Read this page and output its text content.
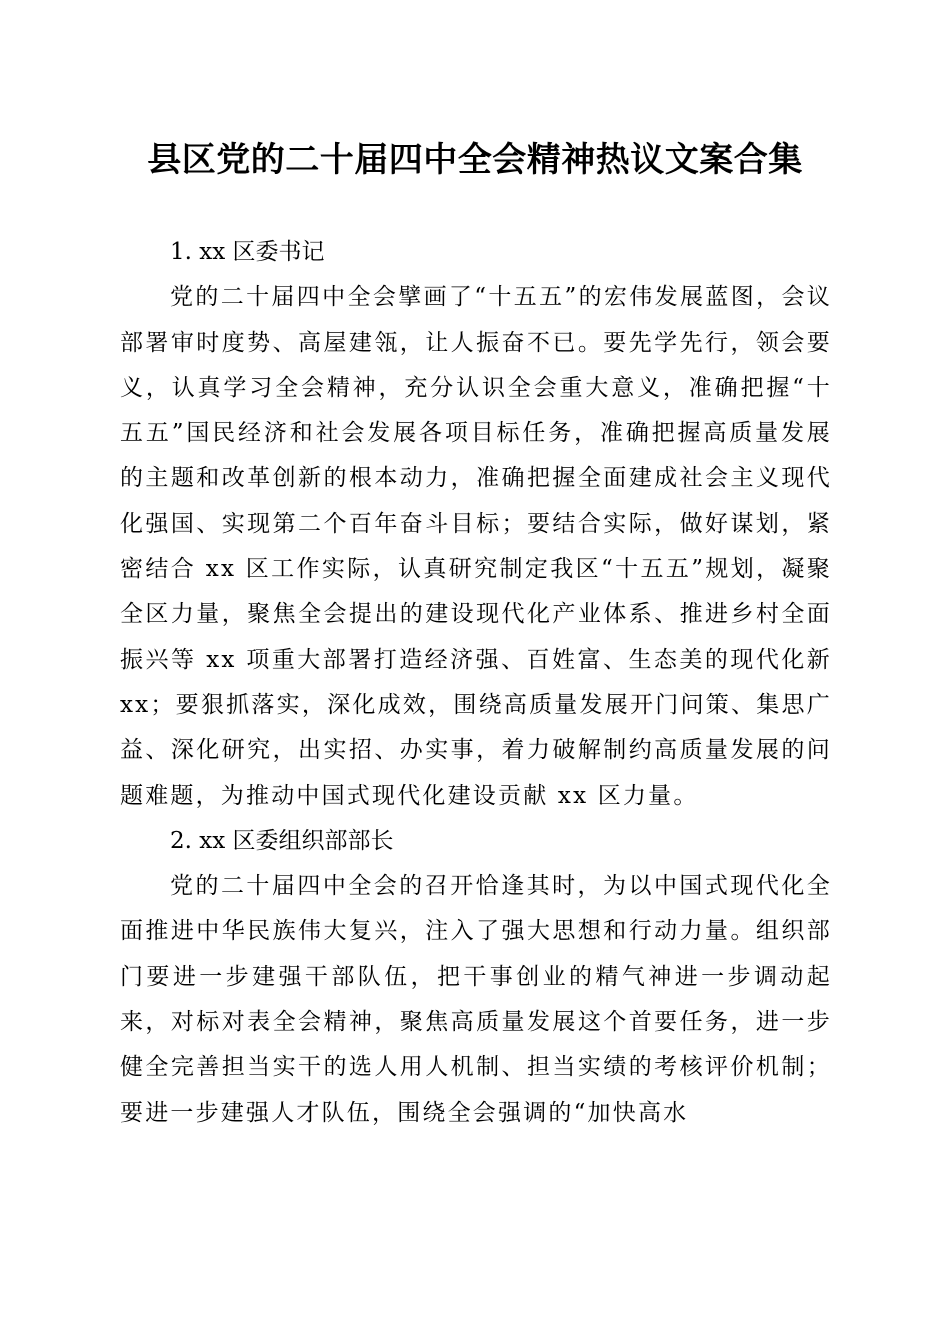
县区党的二十届四中全会精神热议文案合集

1. xx 区委书记

党的二十届四中全会擘画了“十五五”的宏伟发展蓝图，会议部署审时度势、高屋建瓴，让人振奋不已。要先学先行，领会要义，认真学习全会精神，充分认识全会重大意义，准确把握“十五五”国民经济和社会发展各项目标任务，准确把握高质量发展的主题和改革创新的根本动力，准确把握全面建成社会主义现代化强国、实现第二个百年奋斗目标；要结合实际，做好谋划，紧密结合 xx 区工作实际，认真研究制定我区“十五五”规划，凝聚全区力量，聚焦全会提出的建设现代化产业体系、推进乡村全面振兴等 xx 项重大部署打造经济强、百姓富、生态美的现代化新 xx；要狠抓落实，深化成效，围绕高质量发展开门问策、集思广益、深化研究，出实招、办实事，着力破解制约高质量发展的问题难题，为推动中国式现代化建设贡献 xx 区力量。

2. xx 区委组织部部长

党的二十届四中全会的召开恰逢其时，为以中国式现代化全面推进中华民族伟大复兴，注入了强大思想和行动力量。组织部门要进一步建强干部队伍，把干事创业的精气神进一步调动起来，对标对表全会精神，聚焦高质量发展这个首要任务，进一步健全完善担当实干的选人用人机制、担当实绩的考核评价机制；要进一步建强人才队伍，围绕全会强调的“加快高水
